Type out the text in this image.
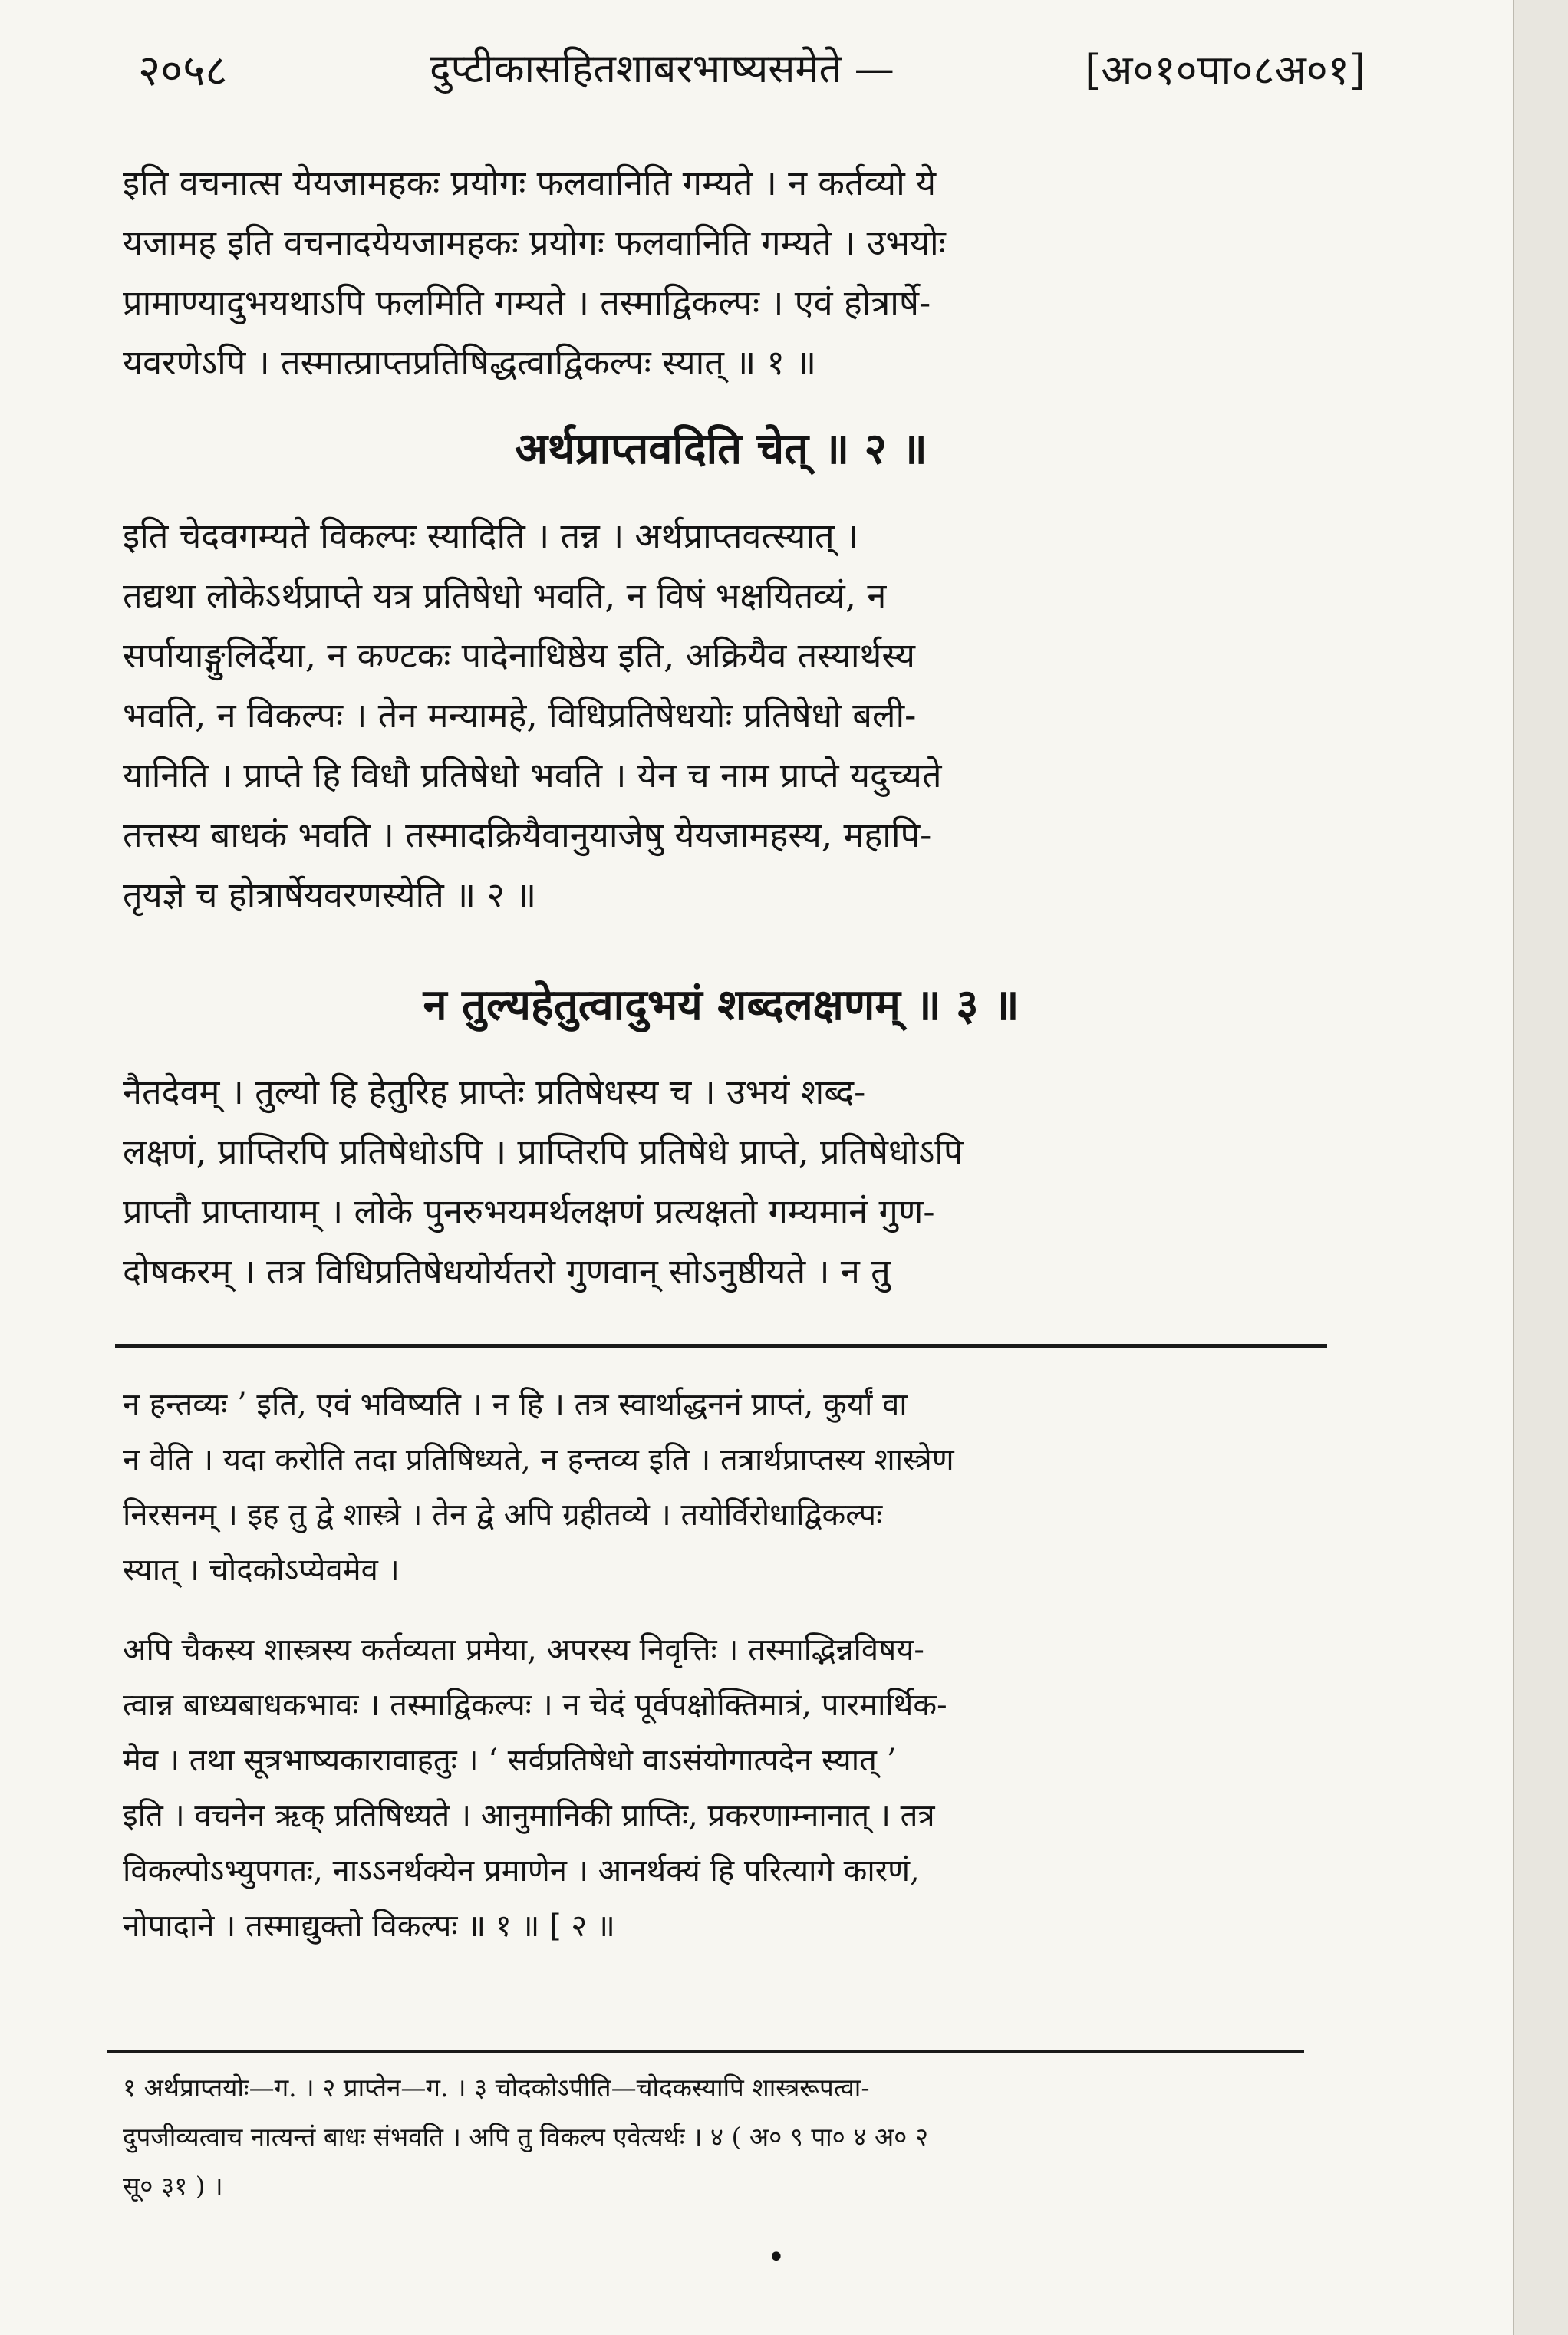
२०५८	दुप्टीकासहितशाबरभाष्यसमेते —	[अ०१०पा०८अ०१]
इति वचनात्स येयजामहकः प्रयोगः फलवानिति गम्यते । न कर्तव्यो ये
यजामह इति वचनादयेयजामहकः प्रयोगः फलवानिति गम्यते । उभयोः
प्रामाण्यादुभयथाऽपि फलमिति गम्यते । तस्माद्विकल्पः । एवं होत्रार्षे-
यवरणेऽपि । तस्मात्प्राप्तप्रतिषिद्धत्वाद्विकल्पः स्यात् ॥ १ ॥
अर्थप्राप्तवदिति चेत् ॥ २ ॥
इति चेदवगम्यते विकल्पः स्यादिति । तन्न । अर्थप्राप्तवत्स्यात् ।
तद्यथा लोकेऽर्थप्राप्ते यत्र प्रतिषेधो भवति, न विषं भक्षयितव्यं, न
सर्पायाङ्गुलिर्देया, न कण्टकः पादेनाधिष्ठेय इति, अक्रियैव तस्यार्थस्य
भवति, न विकल्पः । तेन मन्यामहे, विधिप्रतिषेधयोः प्रतिषेधो बली-
यानिति । प्राप्ते हि विधौ प्रतिषेधो भवति । येन च नाम प्राप्ते यदुच्यते
तत्तस्य बाधकं भवति । तस्मादक्रियैवानुयाजेषु येयजामहस्य, महापि-
तृयज्ञे च होत्रार्षेयवरणस्येति ॥ २ ॥
न तुल्यहेतुत्वादुभयं शब्दलक्षणम् ॥ ३ ॥
नैतदेवम् । तुल्यो हि हेतुरिह प्राप्तेः प्रतिषेधस्य च । उभयं शब्द-
लक्षणं, प्राप्तिरपि प्रतिषेधोऽपि । प्राप्तिरपि प्रतिषेधे प्राप्ते, प्रतिषेधोऽपि
प्राप्तौ प्राप्तायाम् । लोके पुनरुभयमर्थलक्षणं प्रत्यक्षतो गम्यमानं गुण-
दोषकरम् । तत्र विधिप्रतिषेधयोर्यतरो गुणवान् सोऽनुष्ठीयते । न तु
न हन्तव्यः ’ इति, एवं भविष्यति । न हि । तत्र स्वार्थाद्धननं प्राप्तं, कुर्यां वा
न वेति । यदा करोति तदा प्रतिषिध्यते, न हन्तव्य इति । तत्रार्थप्राप्तस्य शास्त्रेण
निरसनम् । इह तु द्वे शास्त्रे । तेन द्वे अपि ग्रहीतव्ये । तयोर्विरोधाद्विकल्पः
स्यात् । चोदकोऽप्येवमेव ।
अपि चैकस्य शास्त्रस्य कर्तव्यता प्रमेया, अपरस्य निवृत्तिः । तस्माद्भिन्नविषय-
त्वान्न बाध्यबाधकभावः । तस्माद्विकल्पः । न चेदं पूर्वपक्षोक्तिमात्रं, पारमार्थिक-
मेव । तथा सूत्रभाष्यकारावाहतुः । ‘ सर्वप्रतिषेधो वाऽसंयोगात्पदेन स्यात् ’
इति । वचनेन ऋक् प्रतिषिध्यते । आनुमानिकी प्राप्तिः, प्रकरणाम्नानात् । तत्र
विकल्पोऽभ्युपगतः, नाऽऽनर्थक्येन प्रमाणेन । आनर्थक्यं हि परित्यागे कारणं,
नोपादाने । तस्माद्युक्तो विकल्पः ॥ १ ॥ [ २ ॥
१ अर्थप्राप्तयोः—ग. । २ प्राप्तेन—ग. । ३ चोदकोऽपीति—चोदकस्यापि शास्त्ररूपत्वा-
दुपजीव्यत्वाच नात्यन्तं बाधः संभवति । अपि तु विकल्प एवेत्यर्थः । ४ ( अ० ९ पा० ४ अ० २
सू० ३१ ) ।
•
